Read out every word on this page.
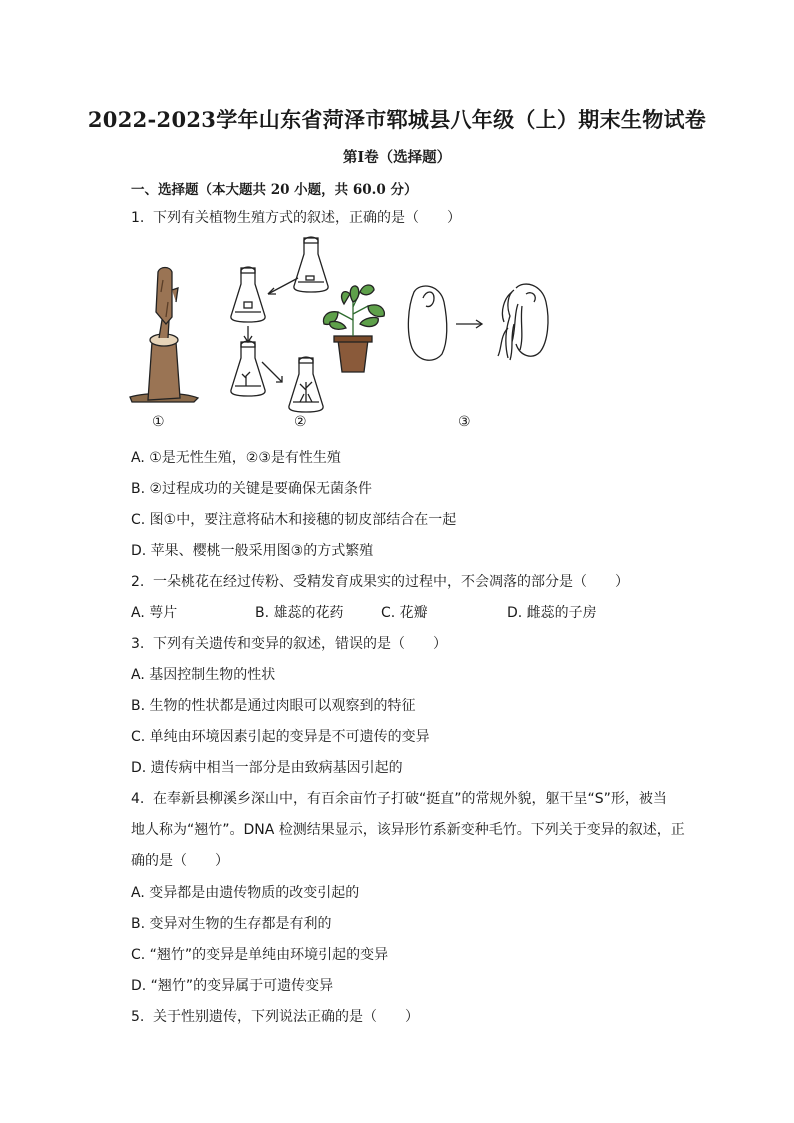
2022-2023学年山东省菏泽市郓城县八年级（上）期末生物试卷
第Ⅰ卷（选择题）
一、选择题（本大题共 20 小题，共 60.0 分）
1. 下列有关植物生殖方式的叙述，正确的是（　　）
①	②	③
A. ①是无性生殖，②③是有性生殖
B. ②过程成功的关键是要确保无菌条件
C. 图①中，要注意将砧木和接穗的韧皮部结合在一起
D. 苹果、樱桃一般采用图③的方式繁殖
2. 一朵桃花在经过传粉、受精发育成果实的过程中，不会凋落的部分是（　　）
A. 萼片	B. 雄蕊的花药	C. 花瓣	D. 雌蕊的子房
3. 下列有关遗传和变异的叙述，错误的是（　　）
A. 基因控制生物的性状
B. 生物的性状都是通过肉眼可以观察到的特征
C. 单纯由环境因素引起的变异是不可遗传的变异
D. 遗传病中相当一部分是由致病基因引起的
4. 在奉新县柳溪乡深山中，有百余亩竹子打破“挺直”的常规外貌，躯干呈“S”形，被当
地人称为“翘竹”。DNA 检测结果显示，该异形竹系新变种毛竹。下列关于变异的叙述，正
确的是（　　）
A. 变异都是由遗传物质的改变引起的
B. 变异对生物的生存都是有利的
C. “翘竹”的变异是单纯由环境引起的变异
D. “翘竹”的变异属于可遗传变异
5. 关于性别遗传，下列说法正确的是（　　）
